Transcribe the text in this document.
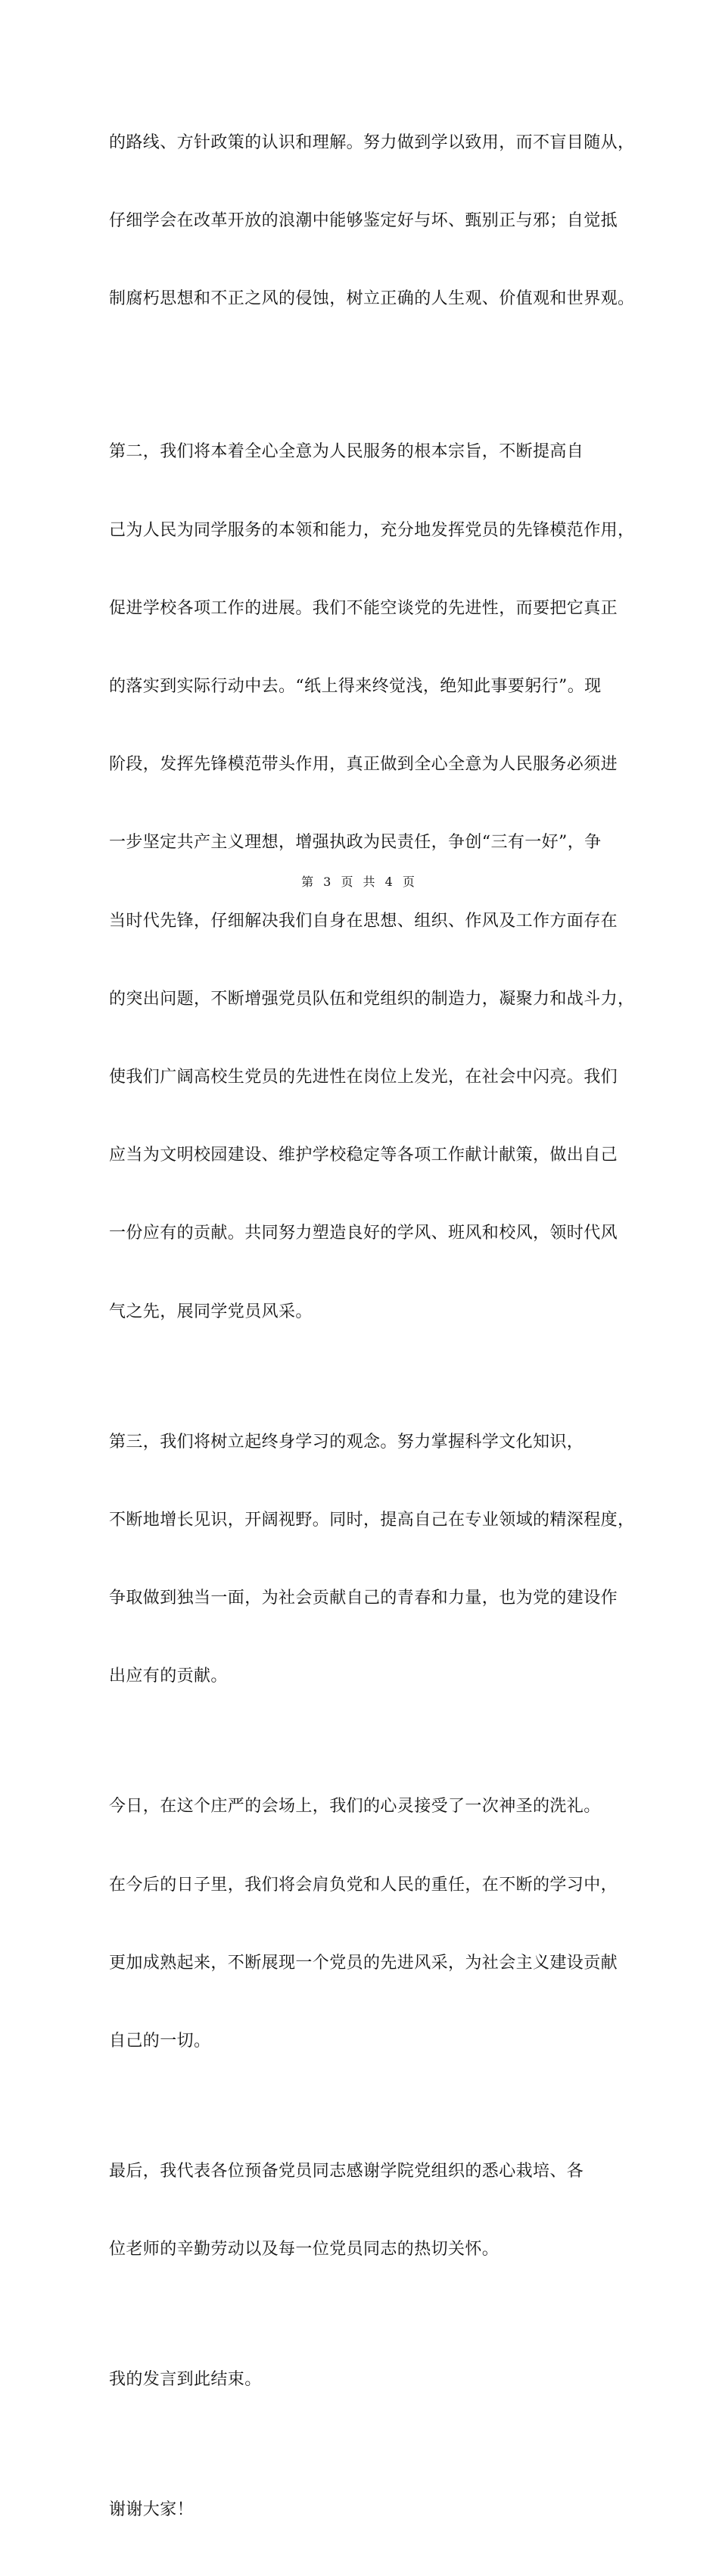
的路线、方针政策的认识和理解。努力做到学以致用，而不盲目随从，

仔细学会在改革开放的浪潮中能够鉴定好与坏、甄别正与邪；自觉抵

制腐朽思想和不正之风的侵蚀，树立正确的人生观、价值观和世界观。

第二，我们将本着全心全意为人民服务的根本宗旨，不断提高自

己为人民为同学服务的本领和能力，充分地发挥党员的先锋模范作用，

促进学校各项工作的进展。我们不能空谈党的先进性，而要把它真正

的落实到实际行动中去。“纸上得来终觉浅，绝知此事要躬行”。现

阶段，发挥先锋模范带头作用，真正做到全心全意为人民服务必须进

一步坚定共产主义理想，增强执政为民责任，争创“三有一好”，争

当时代先锋，仔细解决我们自身在思想、组织、作风及工作方面存在

的突出问题，不断增强党员队伍和党组织的制造力，凝聚力和战斗力，

使我们广阔高校生党员的先进性在岗位上发光，在社会中闪亮。我们

应当为文明校园建设、维护学校稳定等各项工作献计献策，做出自己

一份应有的贡献。共同努力塑造良好的学风、班风和校风，领时代风

气之先，展同学党员风采。

第三，我们将树立起终身学习的观念。努力掌握科学文化知识，

不断地增长见识，开阔视野。同时，提高自己在专业领域的精深程度，

争取做到独当一面，为社会贡献自己的青春和力量，也为党的建设作

出应有的贡献。

今日，在这个庄严的会场上，我们的心灵接受了一次神圣的洗礼。

在今后的日子里，我们将会肩负党和人民的重任，在不断的学习中，

更加成熟起来，不断展现一个党员的先进风采，为社会主义建设贡献

自己的一切。

最后，我代表各位预备党员同志感谢学院党组织的悉心栽培、各

位老师的辛勤劳动以及每一位党员同志的热切关怀。

我的发言到此结束。

谢谢大家！

第 3 页 共 4 页
